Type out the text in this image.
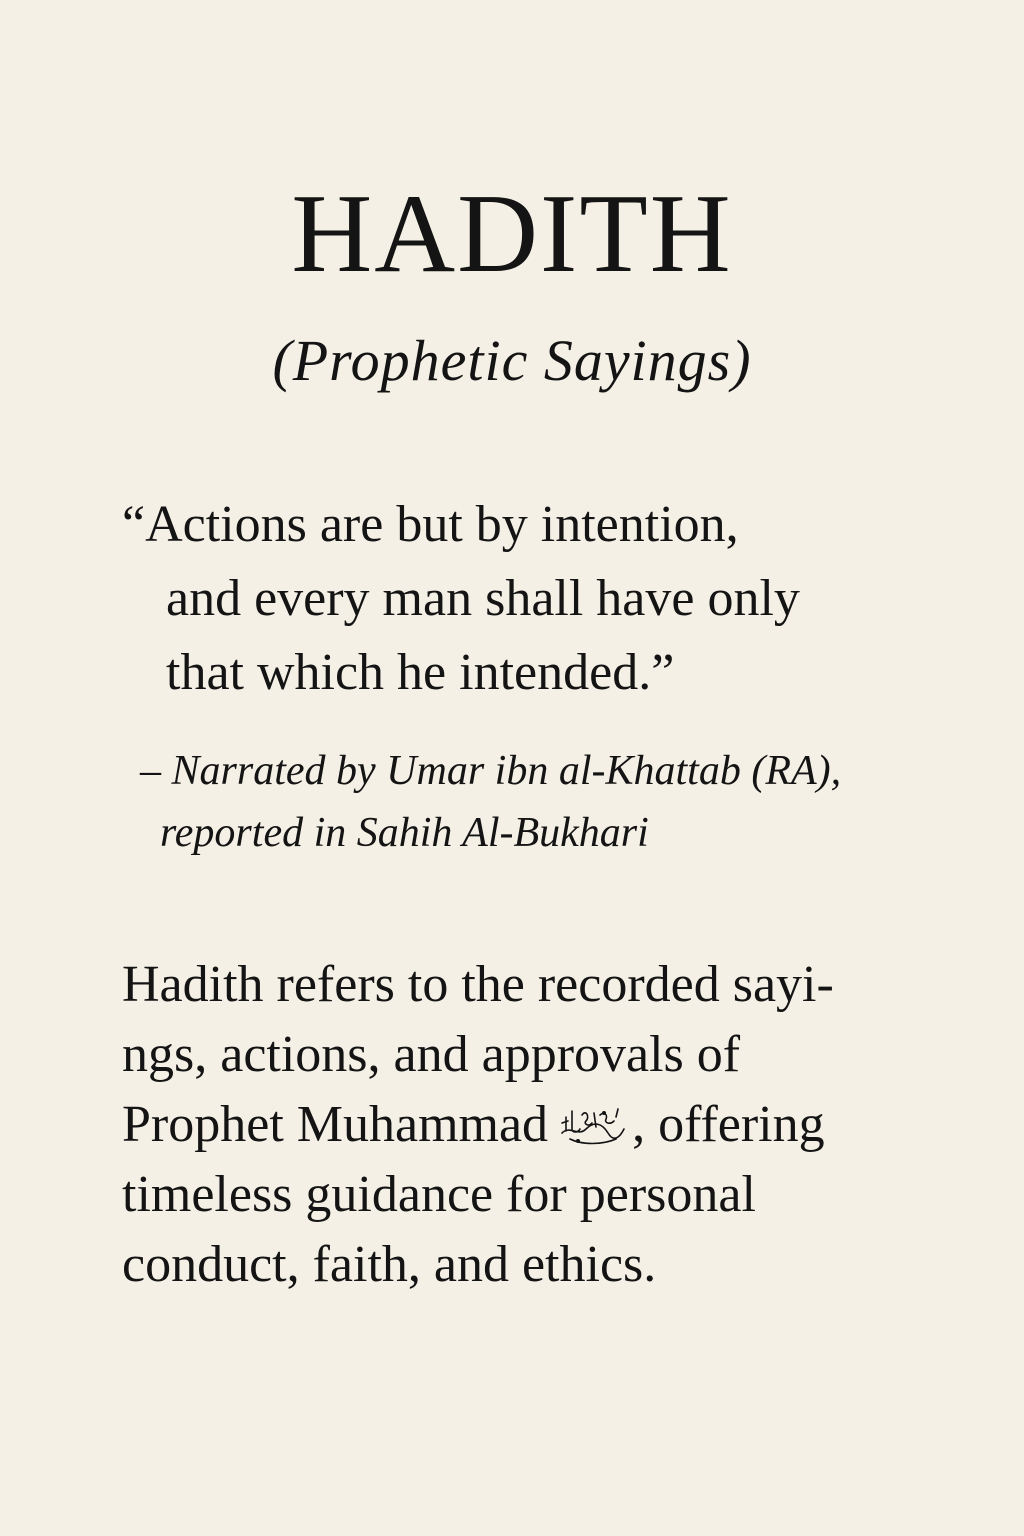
HADITH

(Prophetic Sayings)

“Actions are but by intention,
and every man shall have only
that which he intended.”

– Narrated by Umar ibn al-Khattab (RA),
reported in Sahih Al-Bukhari

Hadith refers to the recorded sayi-
ngs, actions, and approvals of
Prophet Muhammad , offering
timeless guidance for personal
conduct, faith, and ethics.
